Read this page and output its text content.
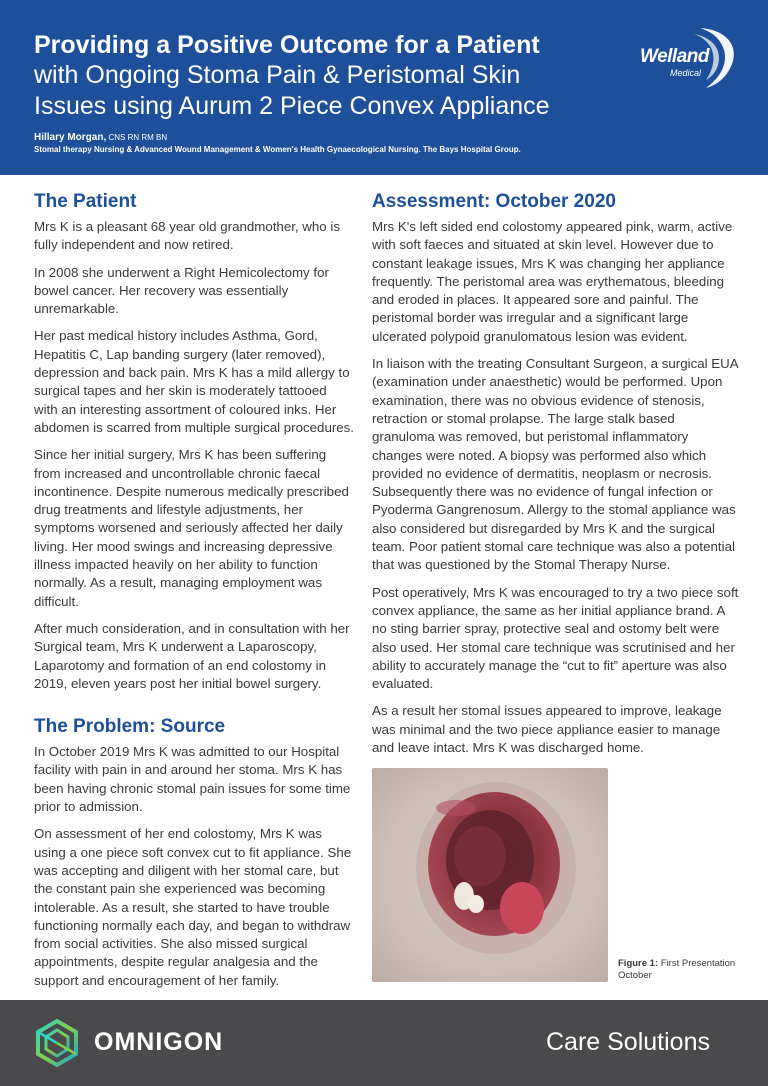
Providing a Positive Outcome for a Patient
with Ongoing Stoma Pain & Peristomal Skin
Issues using Aurum 2 Piece Convex Appliance
Hillary Morgan, CNS RN RM BN
Stomal therapy Nursing & Advanced Wound Management & Women's Health Gynaecological Nursing. The Bays Hospital Group.
Welland
Medical
The Patient

Mrs K is a pleasant 68 year old grandmother, who is fully independent and now retired.

In 2008 she underwent a Right Hemicolectomy for bowel cancer. Her recovery was essentially unremarkable.

Her past medical history includes Asthma, Gord, Hepatitis C, Lap banding surgery (later removed), depression and back pain. Mrs K has a mild allergy to surgical tapes and her skin is moderately tattooed with an interesting assortment of coloured inks. Her abdomen is scarred from multiple surgical procedures.

Since her initial surgery, Mrs K has been suffering from increased and uncontrollable chronic faecal incontinence. Despite numerous medically prescribed drug treatments and lifestyle adjustments, her symptoms worsened and seriously affected her daily living. Her mood swings and increasing depressive illness impacted heavily on her ability to function normally. As a result, managing employment was difficult.

After much consideration, and in consultation with her Surgical team, Mrs K underwent a Laparoscopy, Laparotomy and formation of an end colostomy in 2019, eleven years post her initial bowel surgery.

The Problem: Source

In October 2019 Mrs K was admitted to our Hospital facility with pain in and around her stoma. Mrs K has been having chronic stomal pain issues for some time prior to admission.

On assessment of her end colostomy, Mrs K was using a one piece soft convex cut to fit appliance. She was accepting and diligent with her stomal care, but the constant pain she experienced was becoming intolerable. As a result, she started to have trouble functioning normally each day, and began to withdraw from social activities. She also missed surgical appointments, despite regular analgesia and the support and encouragement of her family.

Assessment: October 2020

Mrs K's left sided end colostomy appeared pink, warm, active with soft faeces and situated at skin level. However due to constant leakage issues, Mrs K was changing her appliance frequently. The peristomal area was erythematous, bleeding and eroded in places. It appeared sore and painful. The peristomal border was irregular and a significant large ulcerated polypoid granulomatous lesion was evident.

In liaison with the treating Consultant Surgeon, a surgical EUA (examination under anaesthetic) would be performed. Upon examination, there was no obvious evidence of stenosis, retraction or stomal prolapse. The large stalk based granuloma was removed, but peristomal inflammatory changes were noted. A biopsy was performed also which provided no evidence of dermatitis, neoplasm or necrosis. Subsequently there was no evidence of fungal infection or Pyoderma Gangrenosum. Allergy to the stomal appliance was also considered but disregarded by Mrs K and the surgical team. Poor patient stomal care technique was also a potential that was questioned by the Stomal Therapy Nurse.

Post operatively, Mrs K was encouraged to try a two piece soft convex appliance, the same as her initial appliance brand. A no sting barrier spray, protective seal and ostomy belt were also used. Her stomal care technique was scrutinised and her ability to accurately manage the “cut to fit” aperture was also evaluated.

As a result her stomal issues appeared to improve, leakage was minimal and the two piece appliance easier to manage and leave intact. Mrs K was discharged home.

Figure 1: First Presentation October
OMNIGON	Care Solutions
